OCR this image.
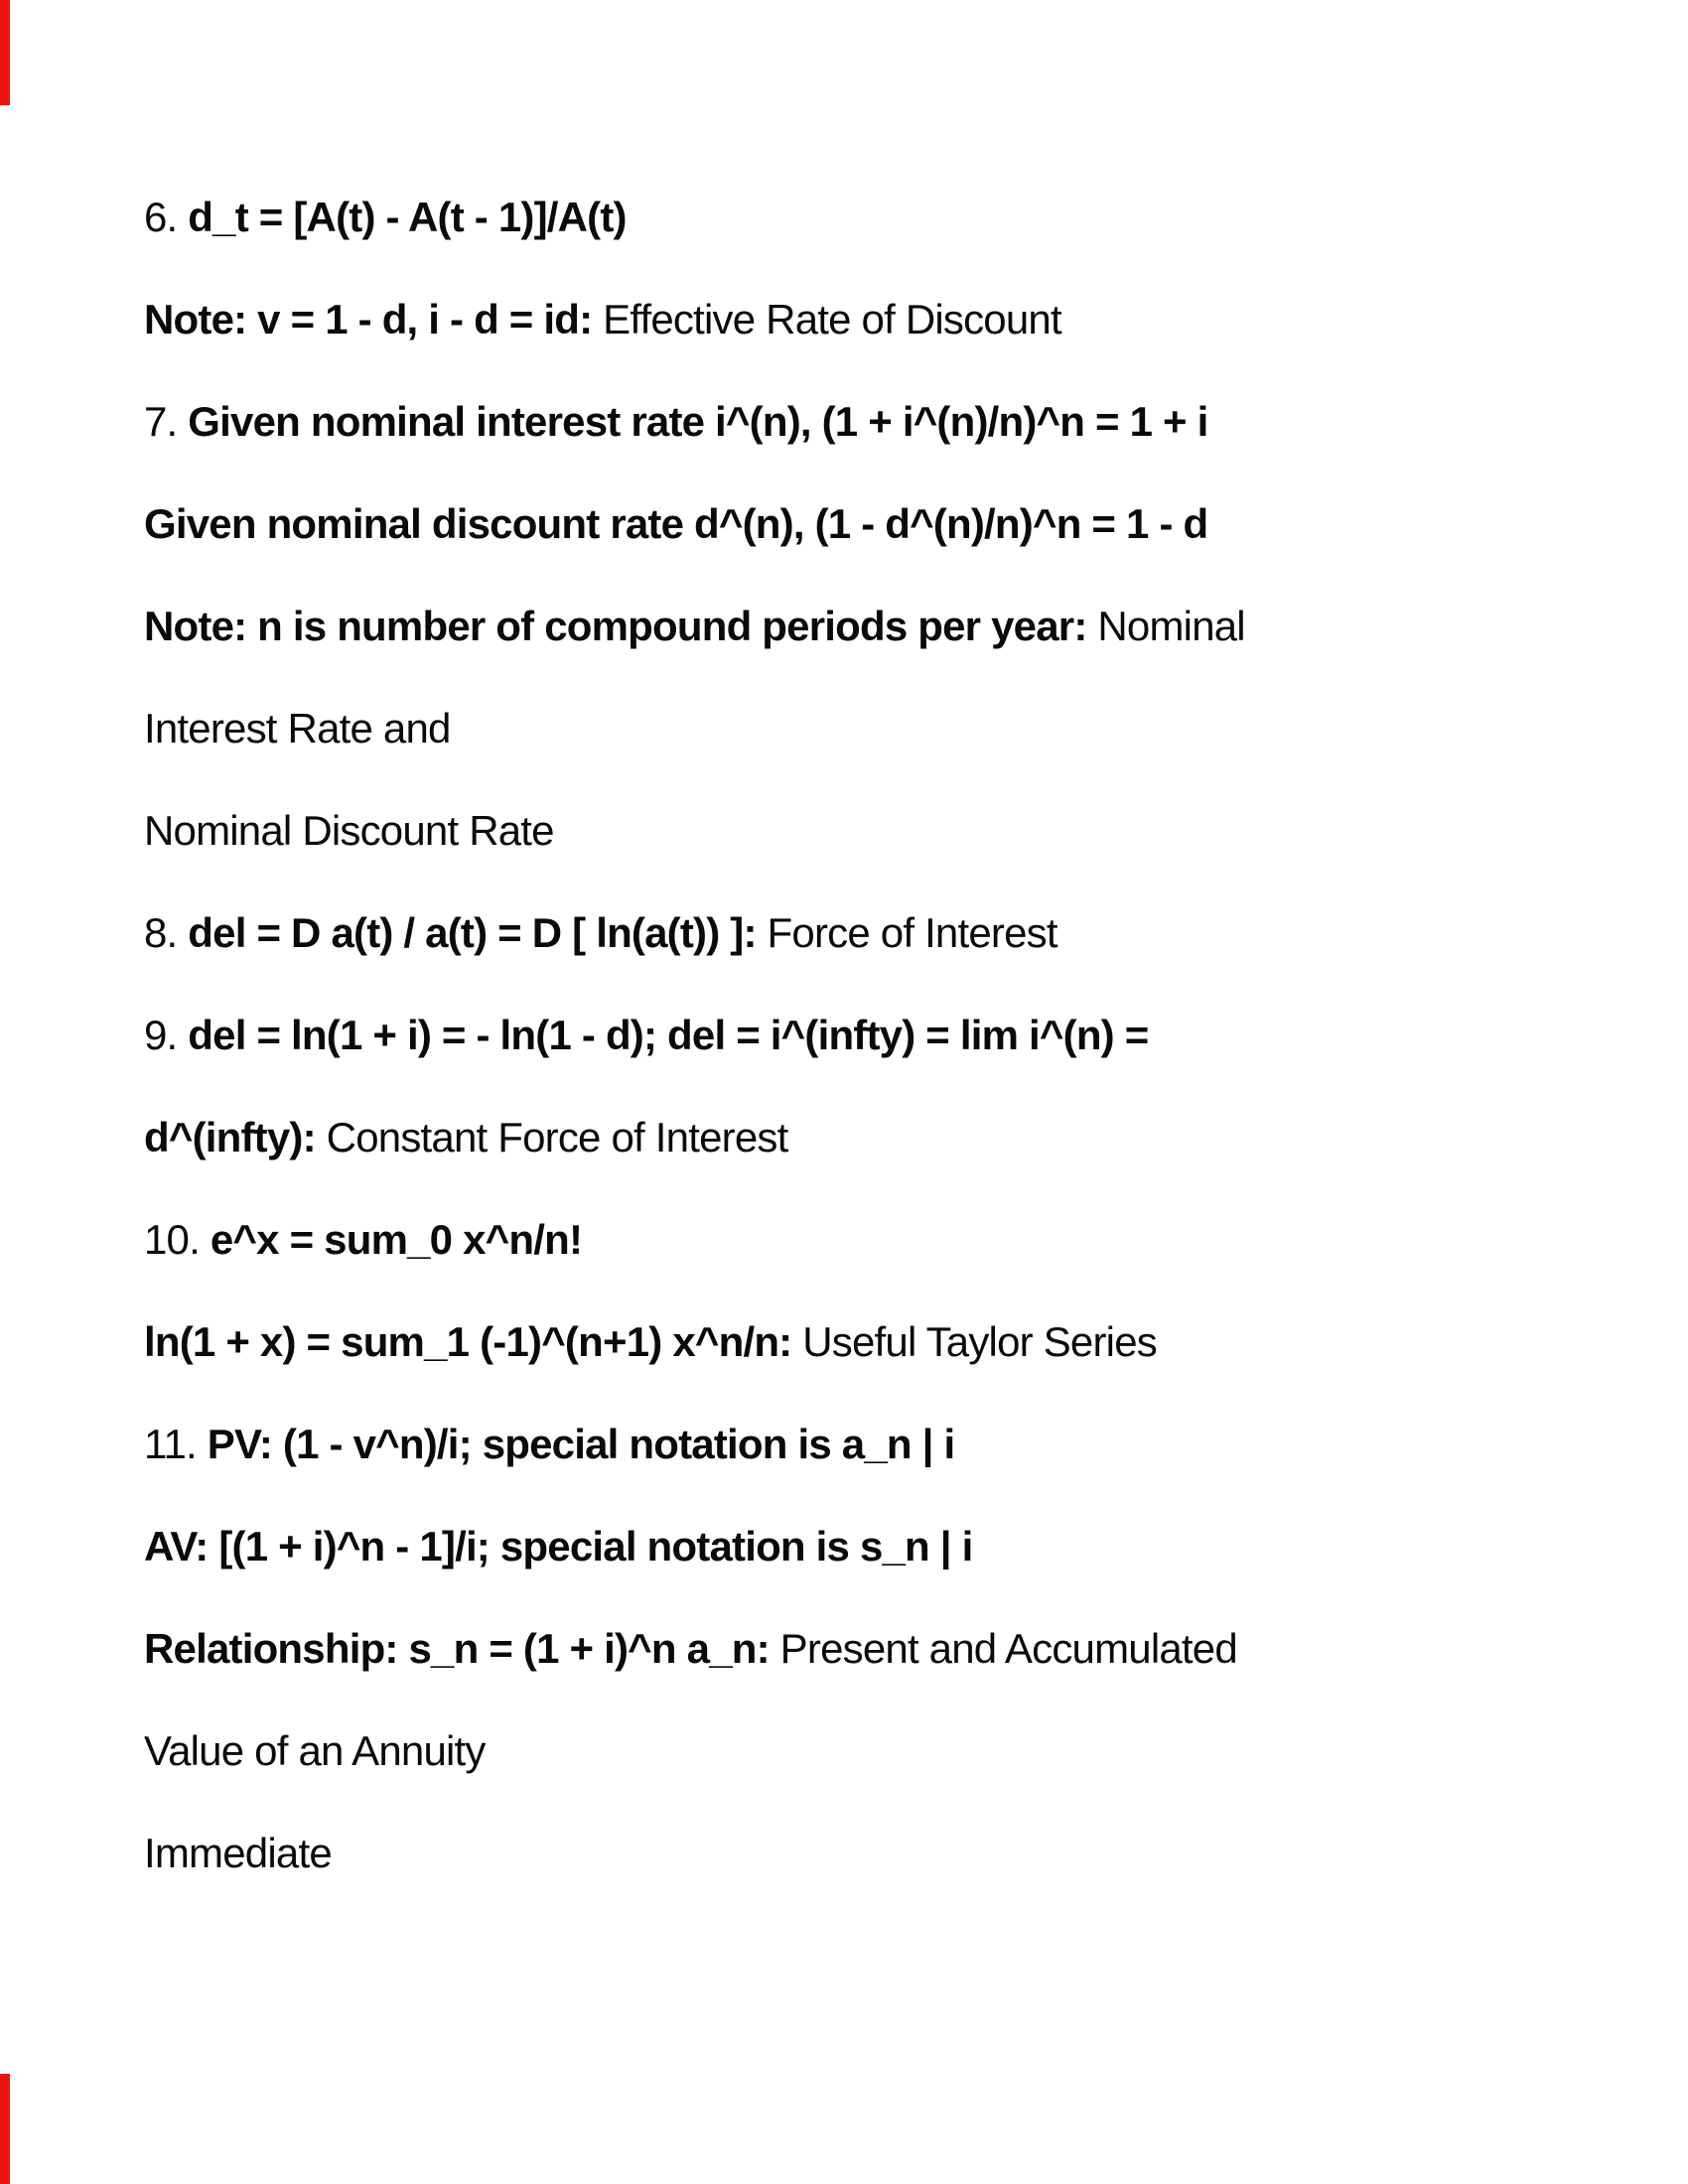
6. d_t = [A(t) - A(t - 1)]/A(t)

Note: v = 1 - d, i - d = id: Effective Rate of Discount

7. Given nominal interest rate i^(n), (1 + i^(n)/n)^n = 1 + i

Given nominal discount rate d^(n), (1 - d^(n)/n)^n = 1 - d

Note: n is number of compound periods per year: Nominal

Interest Rate and

Nominal Discount Rate

8. del = D a(t) / a(t) = D [ ln(a(t)) ]: Force of Interest

9. del = ln(1 + i) = - ln(1 - d); del = i^(infty) = lim i^(n) =

d^(infty): Constant Force of Interest

10. e^x = sum_0 x^n/n!

ln(1 + x) = sum_1 (-1)^(n+1) x^n/n: Useful Taylor Series

11. PV: (1 - v^n)/i; special notation is a_n | i

AV: [(1 + i)^n - 1]/i; special notation is s_n | i

Relationship: s_n = (1 + i)^n a_n: Present and Accumulated

Value of an Annuity

Immediate
